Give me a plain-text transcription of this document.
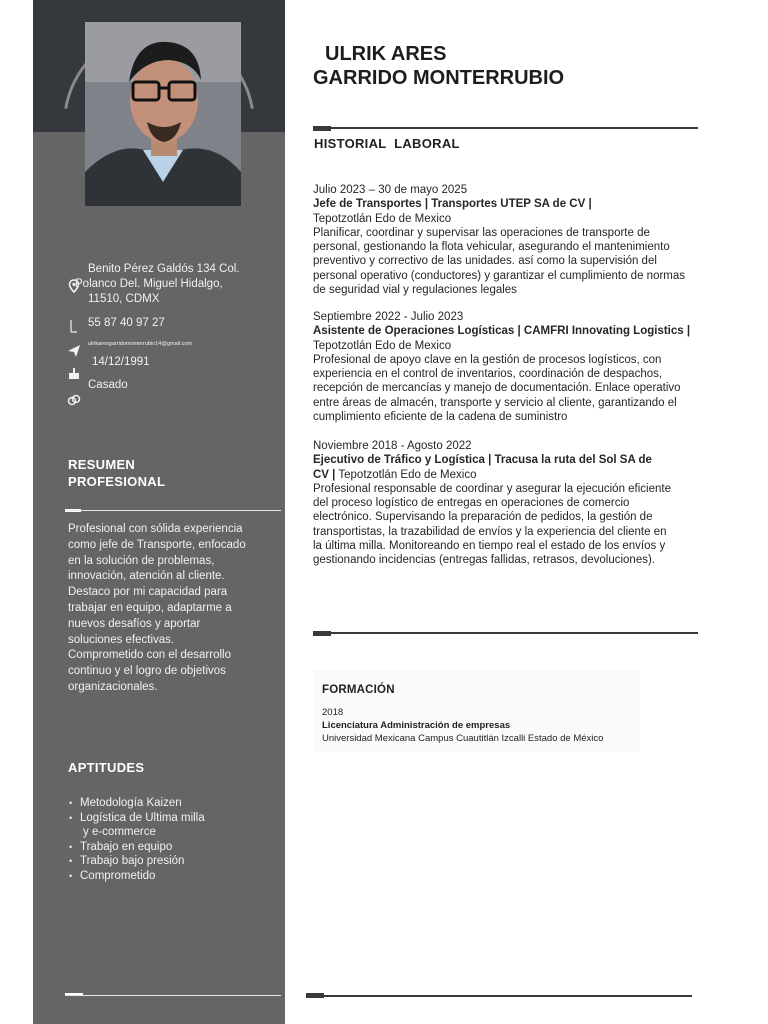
Benito Pérez Galdós 134 Col.
Polanco Del. Miguel Hidalgo,
11510, CDMX
55 87 40 97 27
ulrikaresgarridomonterrubio14@gmail.com
14/12/1991
Casado
RESUMEN
PROFESIONAL
Profesional con sólida experiencia
como jefe de Transporte, enfocado
en la solución de problemas,
innovación, atención al cliente.
Destaco por mi capacidad para
trabajar en equipo, adaptarme a
nuevos desafíos y aportar
soluciones efectivas.
Comprometido con el desarrollo
continuo y el logro de objetivos
organizacionales.
APTITUDES
• Metodología Kaizen
• Logística de Ultima milla
y e-commerce
• Trabajo en equipo
• Trabajo bajo presión
• Comprometido
ULRIK ARES
GARRIDO MONTERRUBIO
HISTORIAL  LABORAL
Julio 2023 – 30 de mayo 2025
Jefe de Transportes | Transportes UTEP SA de CV |
Tepotzotlán Edo de Mexico
Planificar, coordinar y supervisar las operaciones de transporte de
personal, gestionando la flota vehicular, asegurando el mantenimiento
preventivo y correctivo de las unidades. así como la supervisión del
personal operativo (conductores) y garantizar el cumplimiento de normas
de seguridad vial y regulaciones legales
Septiembre 2022 - Julio 2023
Asistente de Operaciones Logísticas | CAMFRI Innovating Logistics |
Tepotzotlán Edo de Mexico
Profesional de apoyo clave en la gestión de procesos logísticos, con
experiencia en el control de inventarios, coordinación de despachos,
recepción de mercancías y manejo de documentación. Enlace operativo
entre áreas de almacén, transporte y servicio al cliente, garantizando el
cumplimiento eficiente de la cadena de suministro
Noviembre 2018 - Agosto 2022
Ejecutivo de Tráfico y Logística | Tracusa la ruta del Sol SA de
CV | Tepotzotlán Edo de Mexico
Profesional responsable de coordinar y asegurar la ejecución eficiente
del proceso logístico de entregas en operaciones de comercio
electrónico. Supervisando la preparación de pedidos, la gestión de
transportistas, la trazabilidad de envíos y la experiencia del cliente en
la última milla. Monitoreando en tiempo real el estado de los envíos y
gestionando incidencias (entregas fallidas, retrasos, devoluciones).
FORMACIÓN
2018
Licenciatura Administración de empresas
Universidad Mexicana Campus Cuautitlán Izcalli Estado de México
